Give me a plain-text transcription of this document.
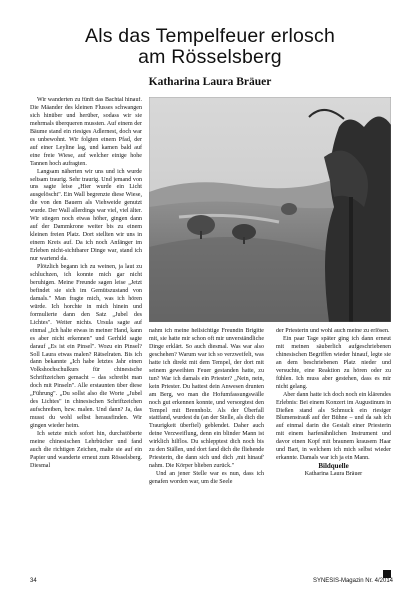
Als das Tempelfeuer erlosch
am Rösselsberg
Katharina Laura Bräuer

Wir wanderten zu fünft das Bachtal hinauf. Die Mäander des kleinen Flusses schwangen sich hinüber und herüber, sodass wir sie mehrmals überqueren mussten. Auf einem der Bäume stand ein riesiges Adlernest, doch war es unbewohnt. Wir folgten einem Pfad, der auf einer Leyline lag, und kamen bald auf eine freie Wiese, auf welcher einige hohe Tannen hoch aufragten.

Langsam näherten wir uns und ich wurde seltsam traurig. Sehr traurig. Und jemand von uns sagte leise „Hier wurde ein Licht ausgelöscht". Ein Wall begrenzte diese Wiese, die von den Bauern als Viehweide genutzt wurde. Der Wall allerdings war viel, viel älter. Wir stiegen noch etwas höher, gingen dann auf der Dammkrone weiter bis zu einem kleinen freien Platz. Dort stellten wir uns in einem Kreis auf. Da ich noch Anfänger im Erleben nicht-sichtbarer Dinge war, stand ich nur wartend da.

Plötzlich begann ich zu weinen, ja laut zu schluchzen, ich konnte mich gar nicht beruhigen. Meine Freunde sagen leise „Jetzt befindet sie sich im Gemütszustand von damals." Man fragte mich, was ich hören würde. Ich horchte in mich hinein und formulierte dann den Satz „Jubel des Lichtes". Weiter nichts. Ursula sagte auf einmal „Ich halte etwas in meiner Hand, kann es aber nicht erkennen" und Gerhild sagte darauf „Es ist ein Pinsel". Wozu ein Pinsel? Soll Laura etwas malen? Rätselraten. Bis ich dann bekannte „Ich habe letztes Jahr einen Volkshochschulkurs für chinesische Schriftzeichen gemacht – das schreibt man doch mit Pinseln". Alle erstaunten über diese „Führung". „Du sollst also die Worte „Jubel des Lichtes" in chinesischen Schriftzeichen aufschreiben, bzw. malen. Und dann? Ja, das musst du wohl selbst herausfinden. Wir gingen wieder heim.

Ich setzte mich sofort hin, durchstöberte meine chinesischen Lehrbücher und fand auch die richtigen Zeichen, malte sie auf ein Papier und wanderte erneut zum Rösselsberg. Diesmal

nahm ich meine hellsichtige Freundin Brigitte mit, sie hatte mir schon oft mir unverständliche Dinge erklärt. So auch diesmal. Was war also geschehen? Warum war ich so verzweifelt, was hatte ich direkt mit dem Tempel, der dort mit seinem geweihten Feuer gestanden hatte, zu tun? War ich damals ein Priester? „Nein, nein, kein Priester. Du hattest dein Anwesen drunten am Berg, wo man die Hofumfassungswälle noch gut erkennen konnte, und versorgtest den Tempel mit Brennholz. Als der Überfall stattfand, wurdest du (an der Stelle, als dich die Traurigkeit überfiel) geblendet. Daher auch deine Verzweiflung, denn ein blinder Mann ist wirklich hilflos. Du schlepptest dich noch bis zu den Ställen, und dort fand dich die fliehende Priesterin, die dann sich und dich ‚mit hinauf' nahm. Die Körper blieben zurück."

Und an jener Stelle war es nun, dass ich genafen worden war, um die Seele

der Priesterin und wohl auch meine zu erlösen.

Ein paar Tage später ging ich dann erneut mit meinen säuberlich aufgeschriebenen chinesischen Begriffen wieder hinauf, legte sie an dem beschriebenen Platz nieder und versuchte, eine Reaktion zu hören oder zu fühlen. Ich muss aber gestehen, dass es mir nicht gelang.

Aber dann hatte ich doch noch ein klärendes Erlebnis: Bei einem Konzert im Augustinum in Dießen stand als Schmuck ein riesiger Blumenstrauß auf der Bühne – und da sah ich auf einmal darin die Gestalt einer Priesterin mit einem harfenähnlichen Instrument und davor einen Kopf mit braunem krausem Haar und Bart, in welchem ich mich selbst wieder erkannte. Damals war ich ja ein Mann.

Bildquelle

Katharina Laura Bräuer

34	SYNESIS-Magazin Nr. 4/2014
